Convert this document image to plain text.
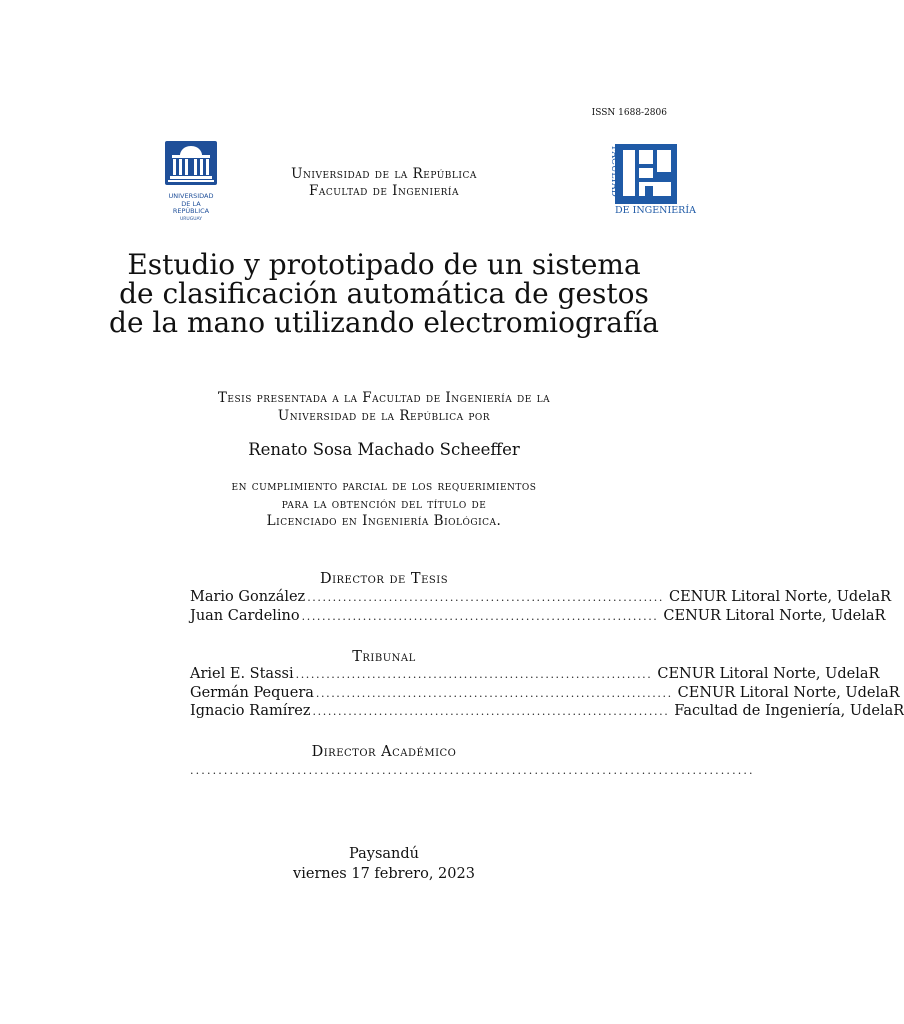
ISSN 1688-2806
UNIVERSIDAD
DE LA REPÚBLICA
URUGUAY
FACULTAD
DE INGENIERÍA
Universidad de la República
Facultad de Ingeniería
Estudio y prototipado de un sistema
de clasificación automática de gestos
de la mano utilizando electromiografía
Tesis presentada a la Facultad de Ingeniería de la
Universidad de la República por
Renato Sosa Machado Scheeffer
en cumplimiento parcial de los requerimientos
para la obtención del título de
Licenciado en Ingeniería Biológica.
Director de Tesis
Mario González ...................................................................... CENUR Litoral Norte, UdelaR
Juan Cardelino ...................................................................... CENUR Litoral Norte, UdelaR
Tribunal
Ariel E. Stassi ...................................................................... CENUR Litoral Norte, UdelaR
Germán Pequera ...................................................................... CENUR Litoral Norte, UdelaR
Ignacio Ramírez ...................................................................... Facultad de Ingeniería, UdelaR
Director Académico
....................................................................................................
Paysandú
viernes 17 febrero, 2023
